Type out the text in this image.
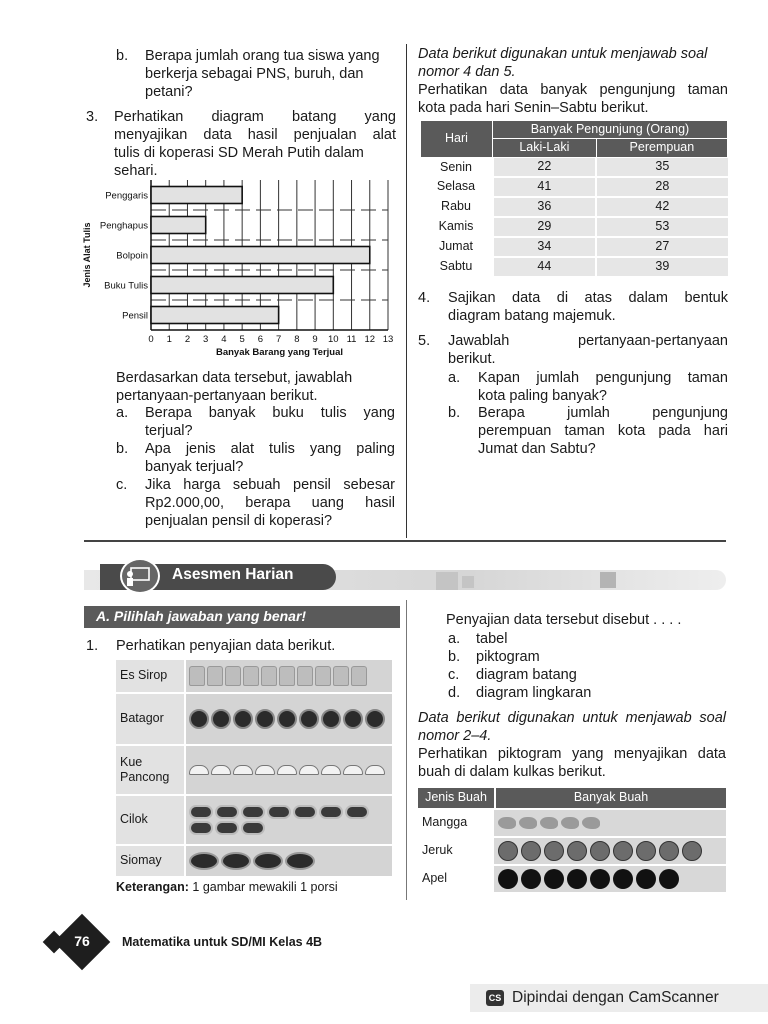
b. Berapa jumlah orang tua siswa yang
berkerja sebagai PNS, buruh, dan
petani?
3. Perhatikan diagram batang yang
menyajikan data hasil penjualan alat
tulis di koperasi SD Merah Putih dalam
sehari.
Penggaris
Penghapus
Bolpoin
Buku Tulis
Pensil
0 1 2 3 4 5 6 7 8 9 10 11 12 13
Banyak Barang yang Terjual
Jenis Alat Tulis
Berdasarkan data tersebut, jawablah
pertanyaan-pertanyaan berikut.
a. Berapa banyak buku tulis yang
terjual?
b. Apa jenis alat tulis yang paling
banyak terjual?
c. Jika harga sebuah pensil sebesar
Rp2.000,00, berapa uang hasil
penjualan pensil di koperasi?
Data berikut digunakan untuk menjawab soal
nomor 4 dan 5.
Perhatikan data banyak pengunjung taman
kota pada hari Senin–Sabtu berikut.
Hari	Banyak Pengunjung (Orang)	
	Laki-Laki	Perempuan
Senin	22	35
Selasa	41	28
Rabu	36	42
Kamis	29	53
Jumat	34	27
Sabtu	44	39
4. Sajikan data di atas dalam bentuk
diagram batang majemuk.
5. Jawablah pertanyaan-pertanyaan
berikut.
a. Kapan jumlah pengunjung taman
kota paling banyak?
b. Berapa jumlah pengunjung
perempuan taman kota pada hari
Jumat dan Sabtu?
Asesmen Harian
A. Pilihlah jawaban yang benar!
1. Perhatikan penyajian data berikut.
Es Sirop
Batagor
Kue
Pancong
Cilok
Siomay
Keterangan: 1 gambar mewakili 1 porsi
Penyajian data tersebut disebut . . . .
a. tabel
b. piktogram
c. diagram batang
d. diagram lingkaran
Data berikut digunakan untuk menjawab soal
nomor 2–4.
Perhatikan piktogram yang menyajikan data
buah di dalam kulkas berikut.
Jenis Buah	Banyak Buah
Mangga
Jeruk
Apel
76	Matematika untuk SD/MI Kelas 4B
CS Dipindai dengan CamScanner
